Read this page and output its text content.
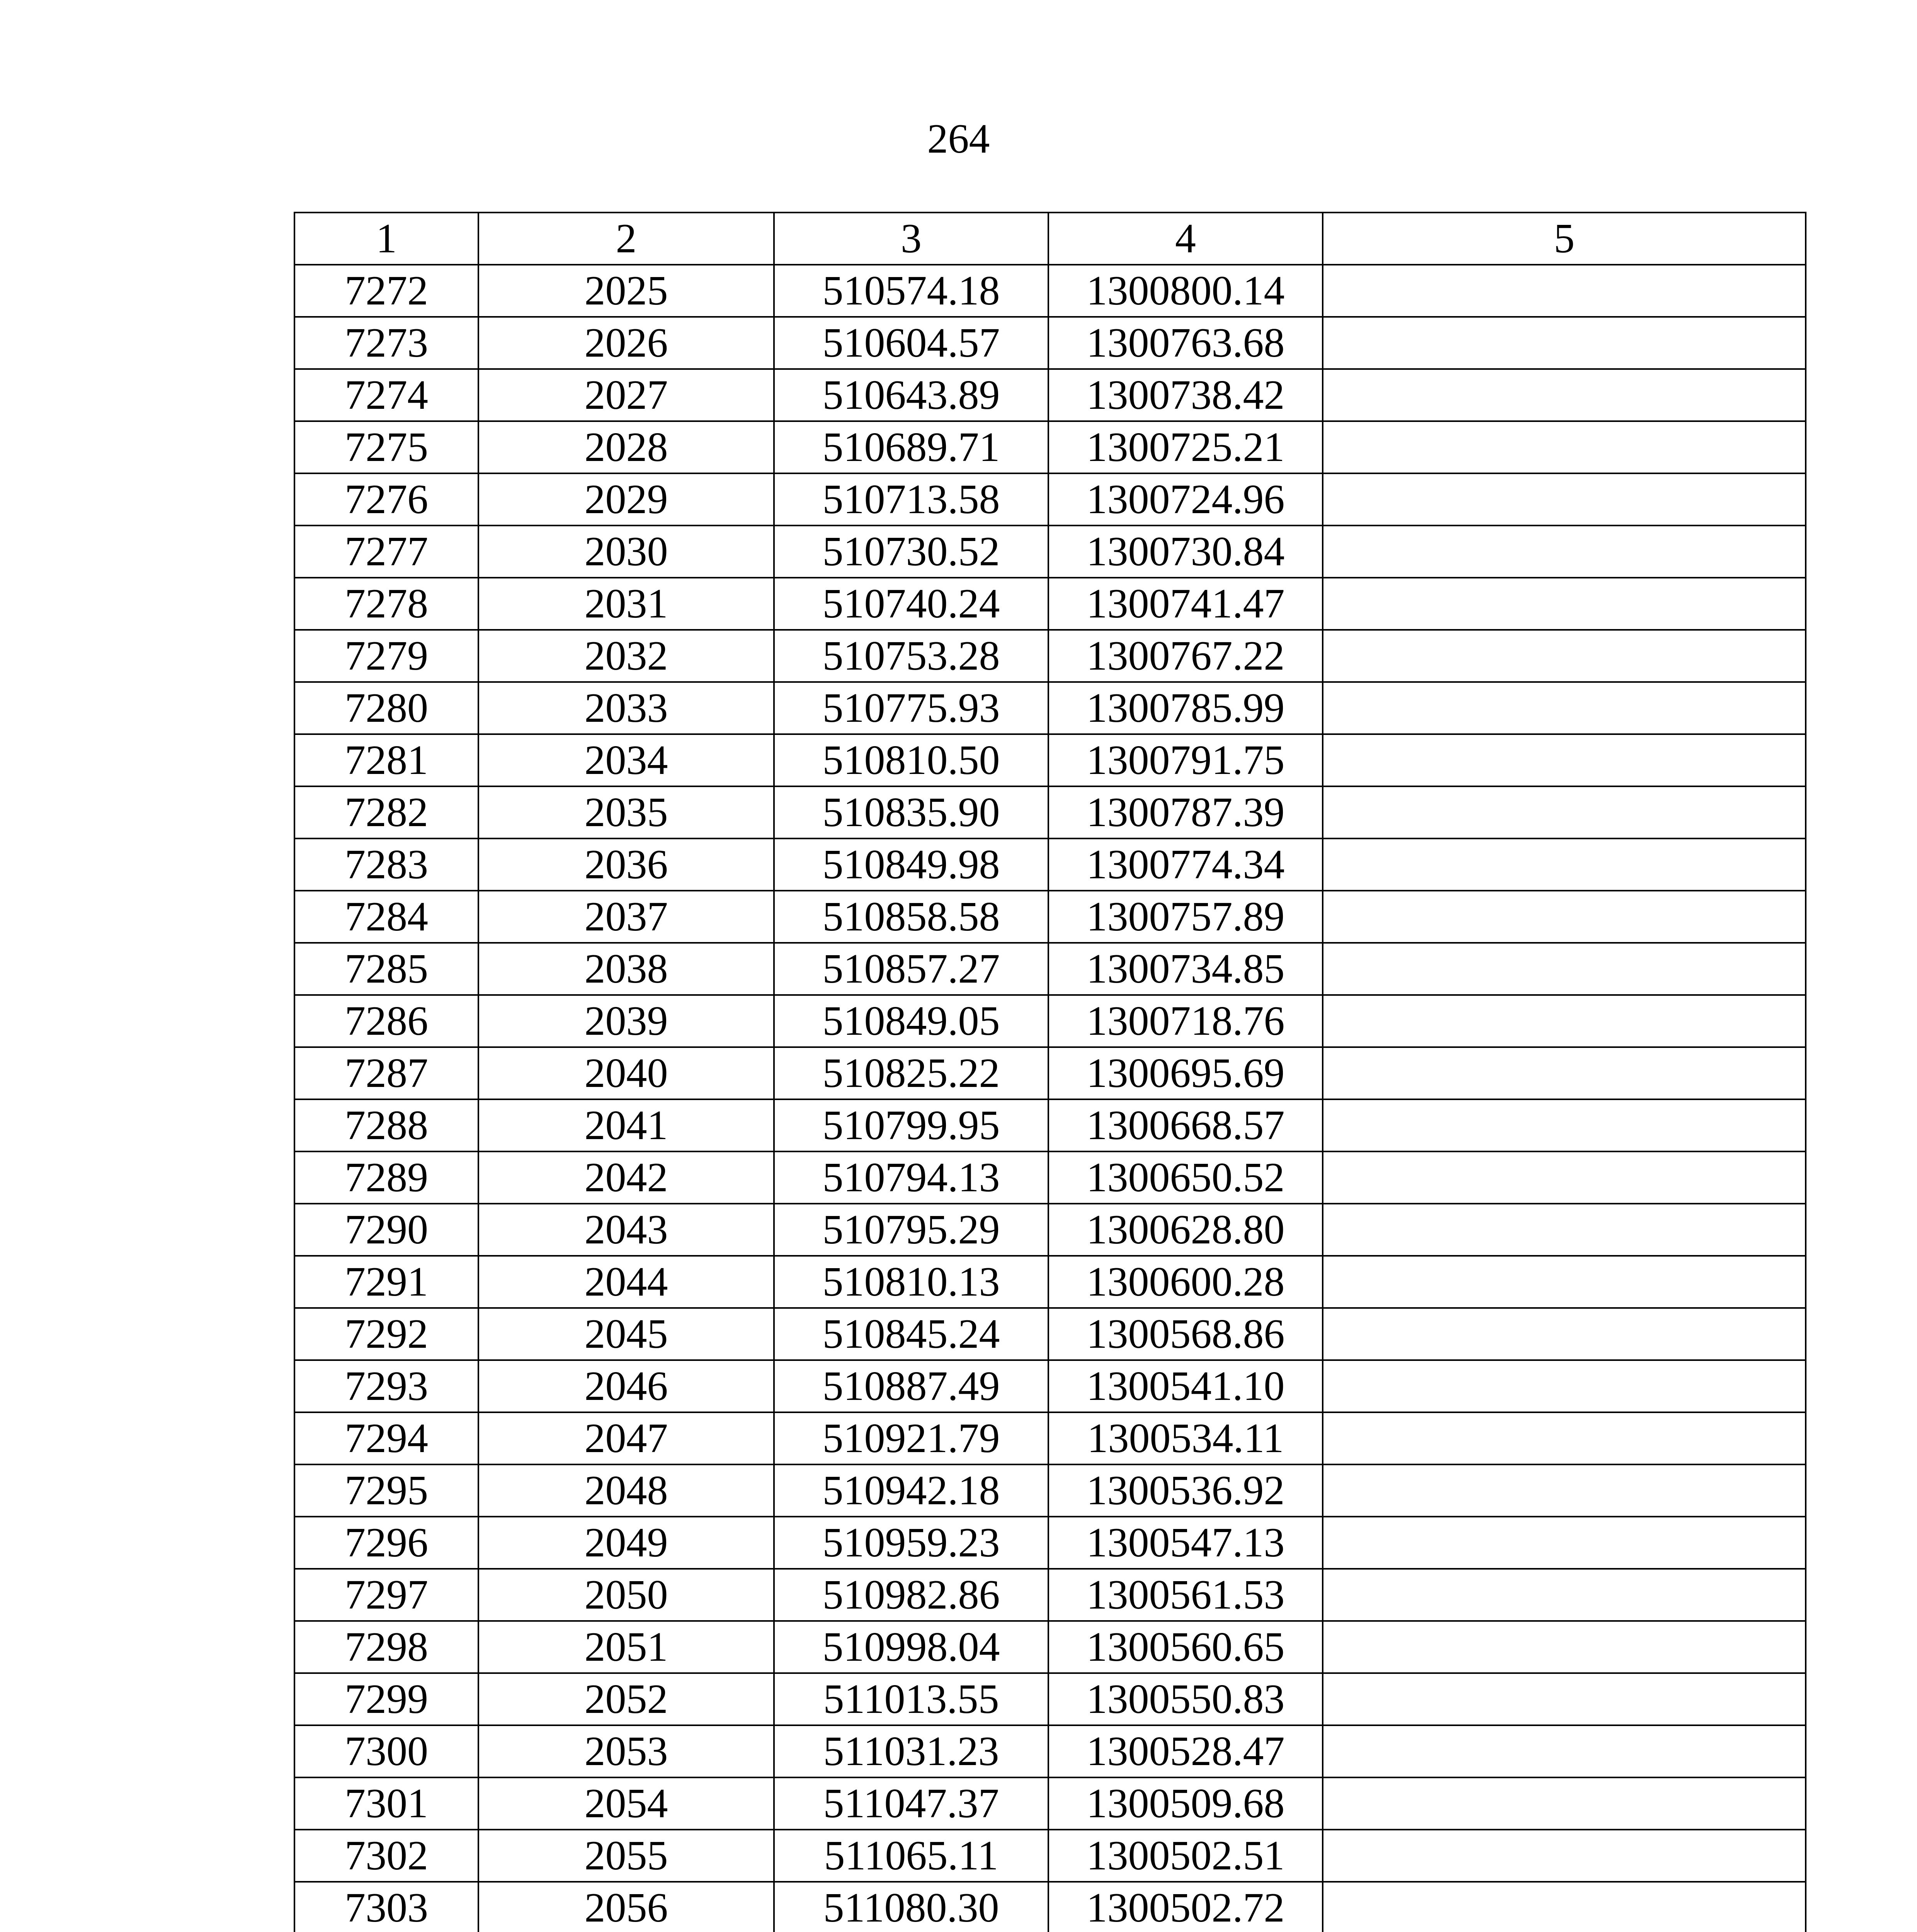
264
1	2	3	4	5
7272	2025	510574.18	1300800.14	
7273	2026	510604.57	1300763.68	
7274	2027	510643.89	1300738.42	
7275	2028	510689.71	1300725.21	
7276	2029	510713.58	1300724.96	
7277	2030	510730.52	1300730.84	
7278	2031	510740.24	1300741.47	
7279	2032	510753.28	1300767.22	
7280	2033	510775.93	1300785.99	
7281	2034	510810.50	1300791.75	
7282	2035	510835.90	1300787.39	
7283	2036	510849.98	1300774.34	
7284	2037	510858.58	1300757.89	
7285	2038	510857.27	1300734.85	
7286	2039	510849.05	1300718.76	
7287	2040	510825.22	1300695.69	
7288	2041	510799.95	1300668.57	
7289	2042	510794.13	1300650.52	
7290	2043	510795.29	1300628.80	
7291	2044	510810.13	1300600.28	
7292	2045	510845.24	1300568.86	
7293	2046	510887.49	1300541.10	
7294	2047	510921.79	1300534.11	
7295	2048	510942.18	1300536.92	
7296	2049	510959.23	1300547.13	
7297	2050	510982.86	1300561.53	
7298	2051	510998.04	1300560.65	
7299	2052	511013.55	1300550.83	
7300	2053	511031.23	1300528.47	
7301	2054	511047.37	1300509.68	
7302	2055	511065.11	1300502.51	
7303	2056	511080.30	1300502.72	
